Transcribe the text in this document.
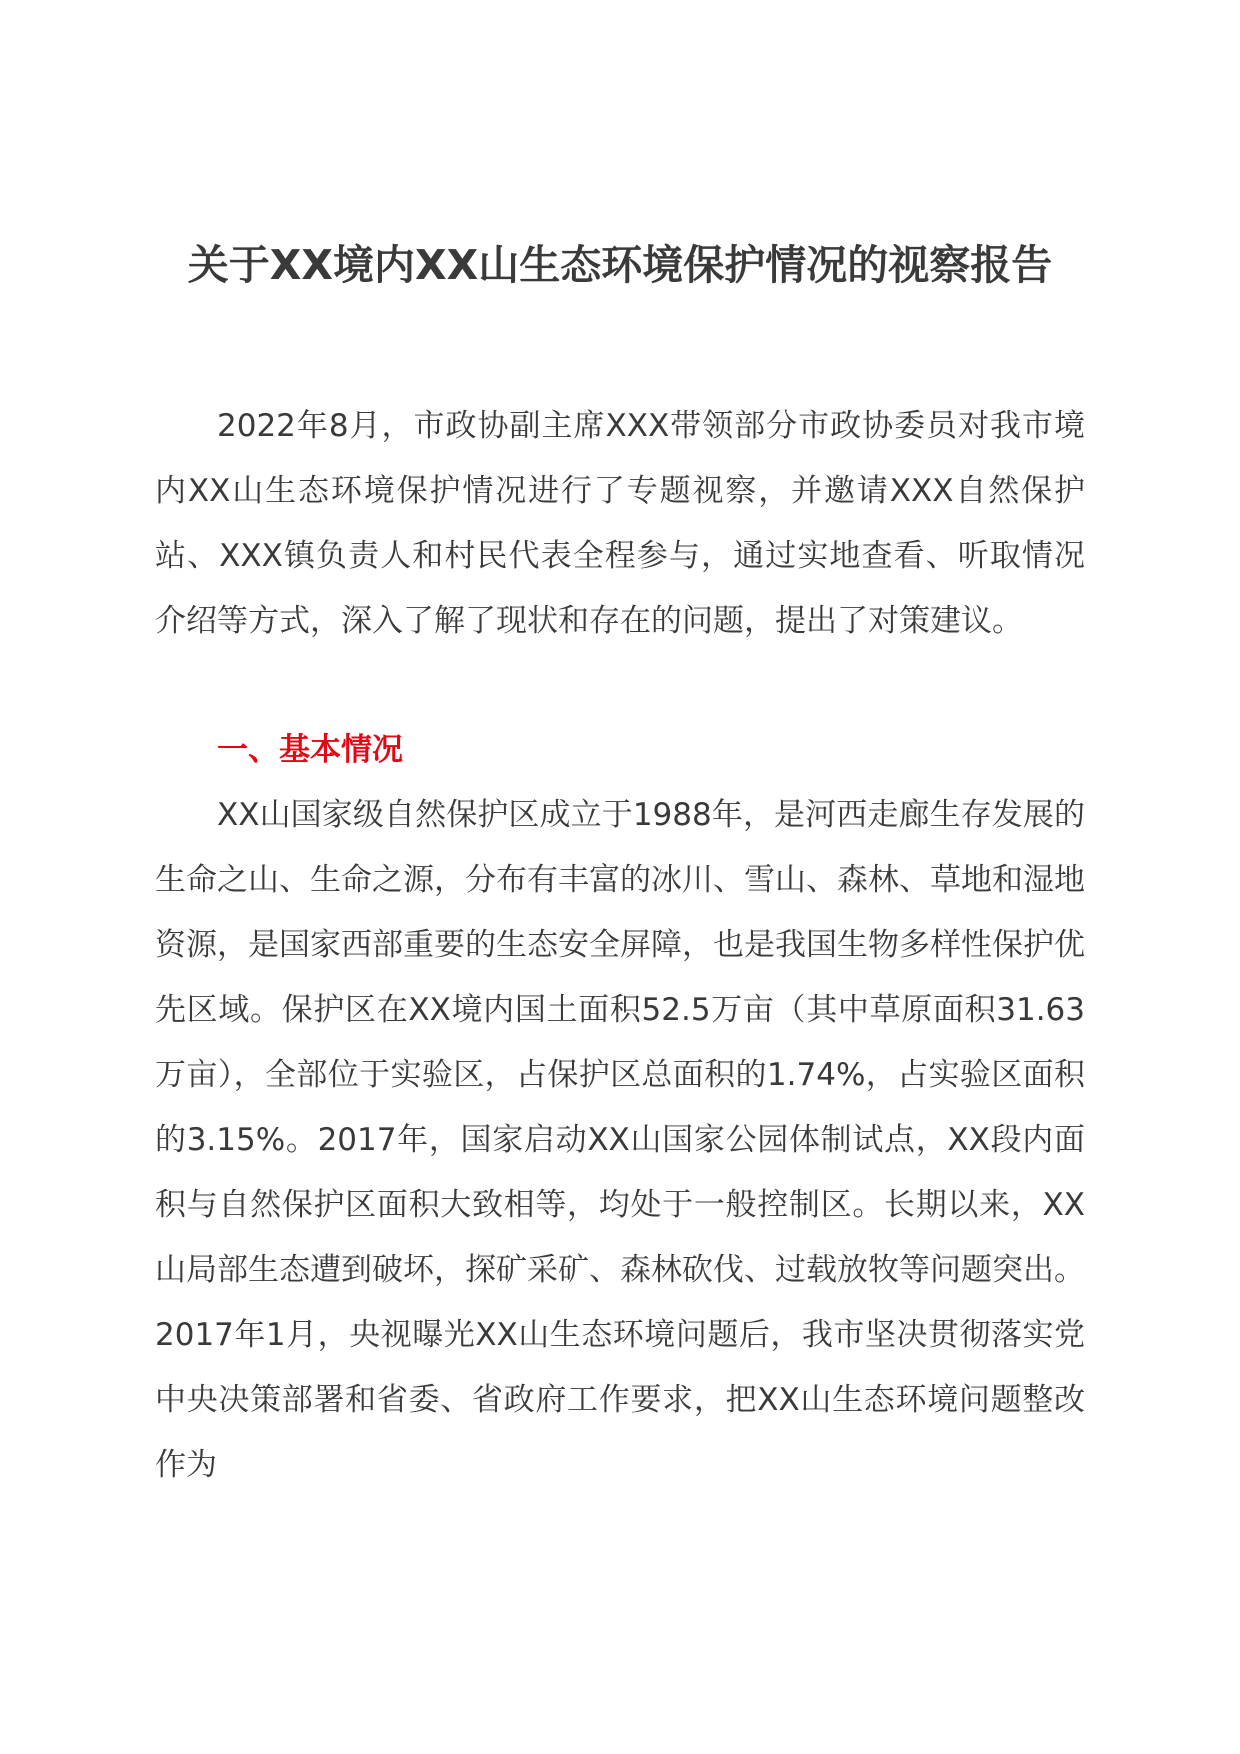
关于XX境内XX山生态环境保护情况的视察报告

2022年8月，市政协副主席XXX带领部分市政协委员对我市境内XX山生态环境保护情况进行了专题视察，并邀请XXX自然保护站、XXX镇负责人和村民代表全程参与，通过实地查看、听取情况介绍等方式，深入了解了现状和存在的问题，提出了对策建议。

一、基本情况

XX山国家级自然保护区成立于1988年，是河西走廊生存发展的生命之山、生命之源，分布有丰富的冰川、雪山、森林、草地和湿地资源，是国家西部重要的生态安全屏障，也是我国生物多样性保护优先区域。保护区在XX境内国土面积52.5万亩（其中草原面积31.63万亩），全部位于实验区，占保护区总面积的1.74%，占实验区面积的3.15%。2017年，国家启动XX山国家公园体制试点，XX段内面积与自然保护区面积大致相等，均处于一般控制区。长期以来，XX山局部生态遭到破坏，探矿采矿、森林砍伐、过载放牧等问题突出。2017年1月，央视曝光XX山生态环境问题后，我市坚决贯彻落实党中央决策部署和省委、省政府工作要求，把XX山生态环境问题整改作为
